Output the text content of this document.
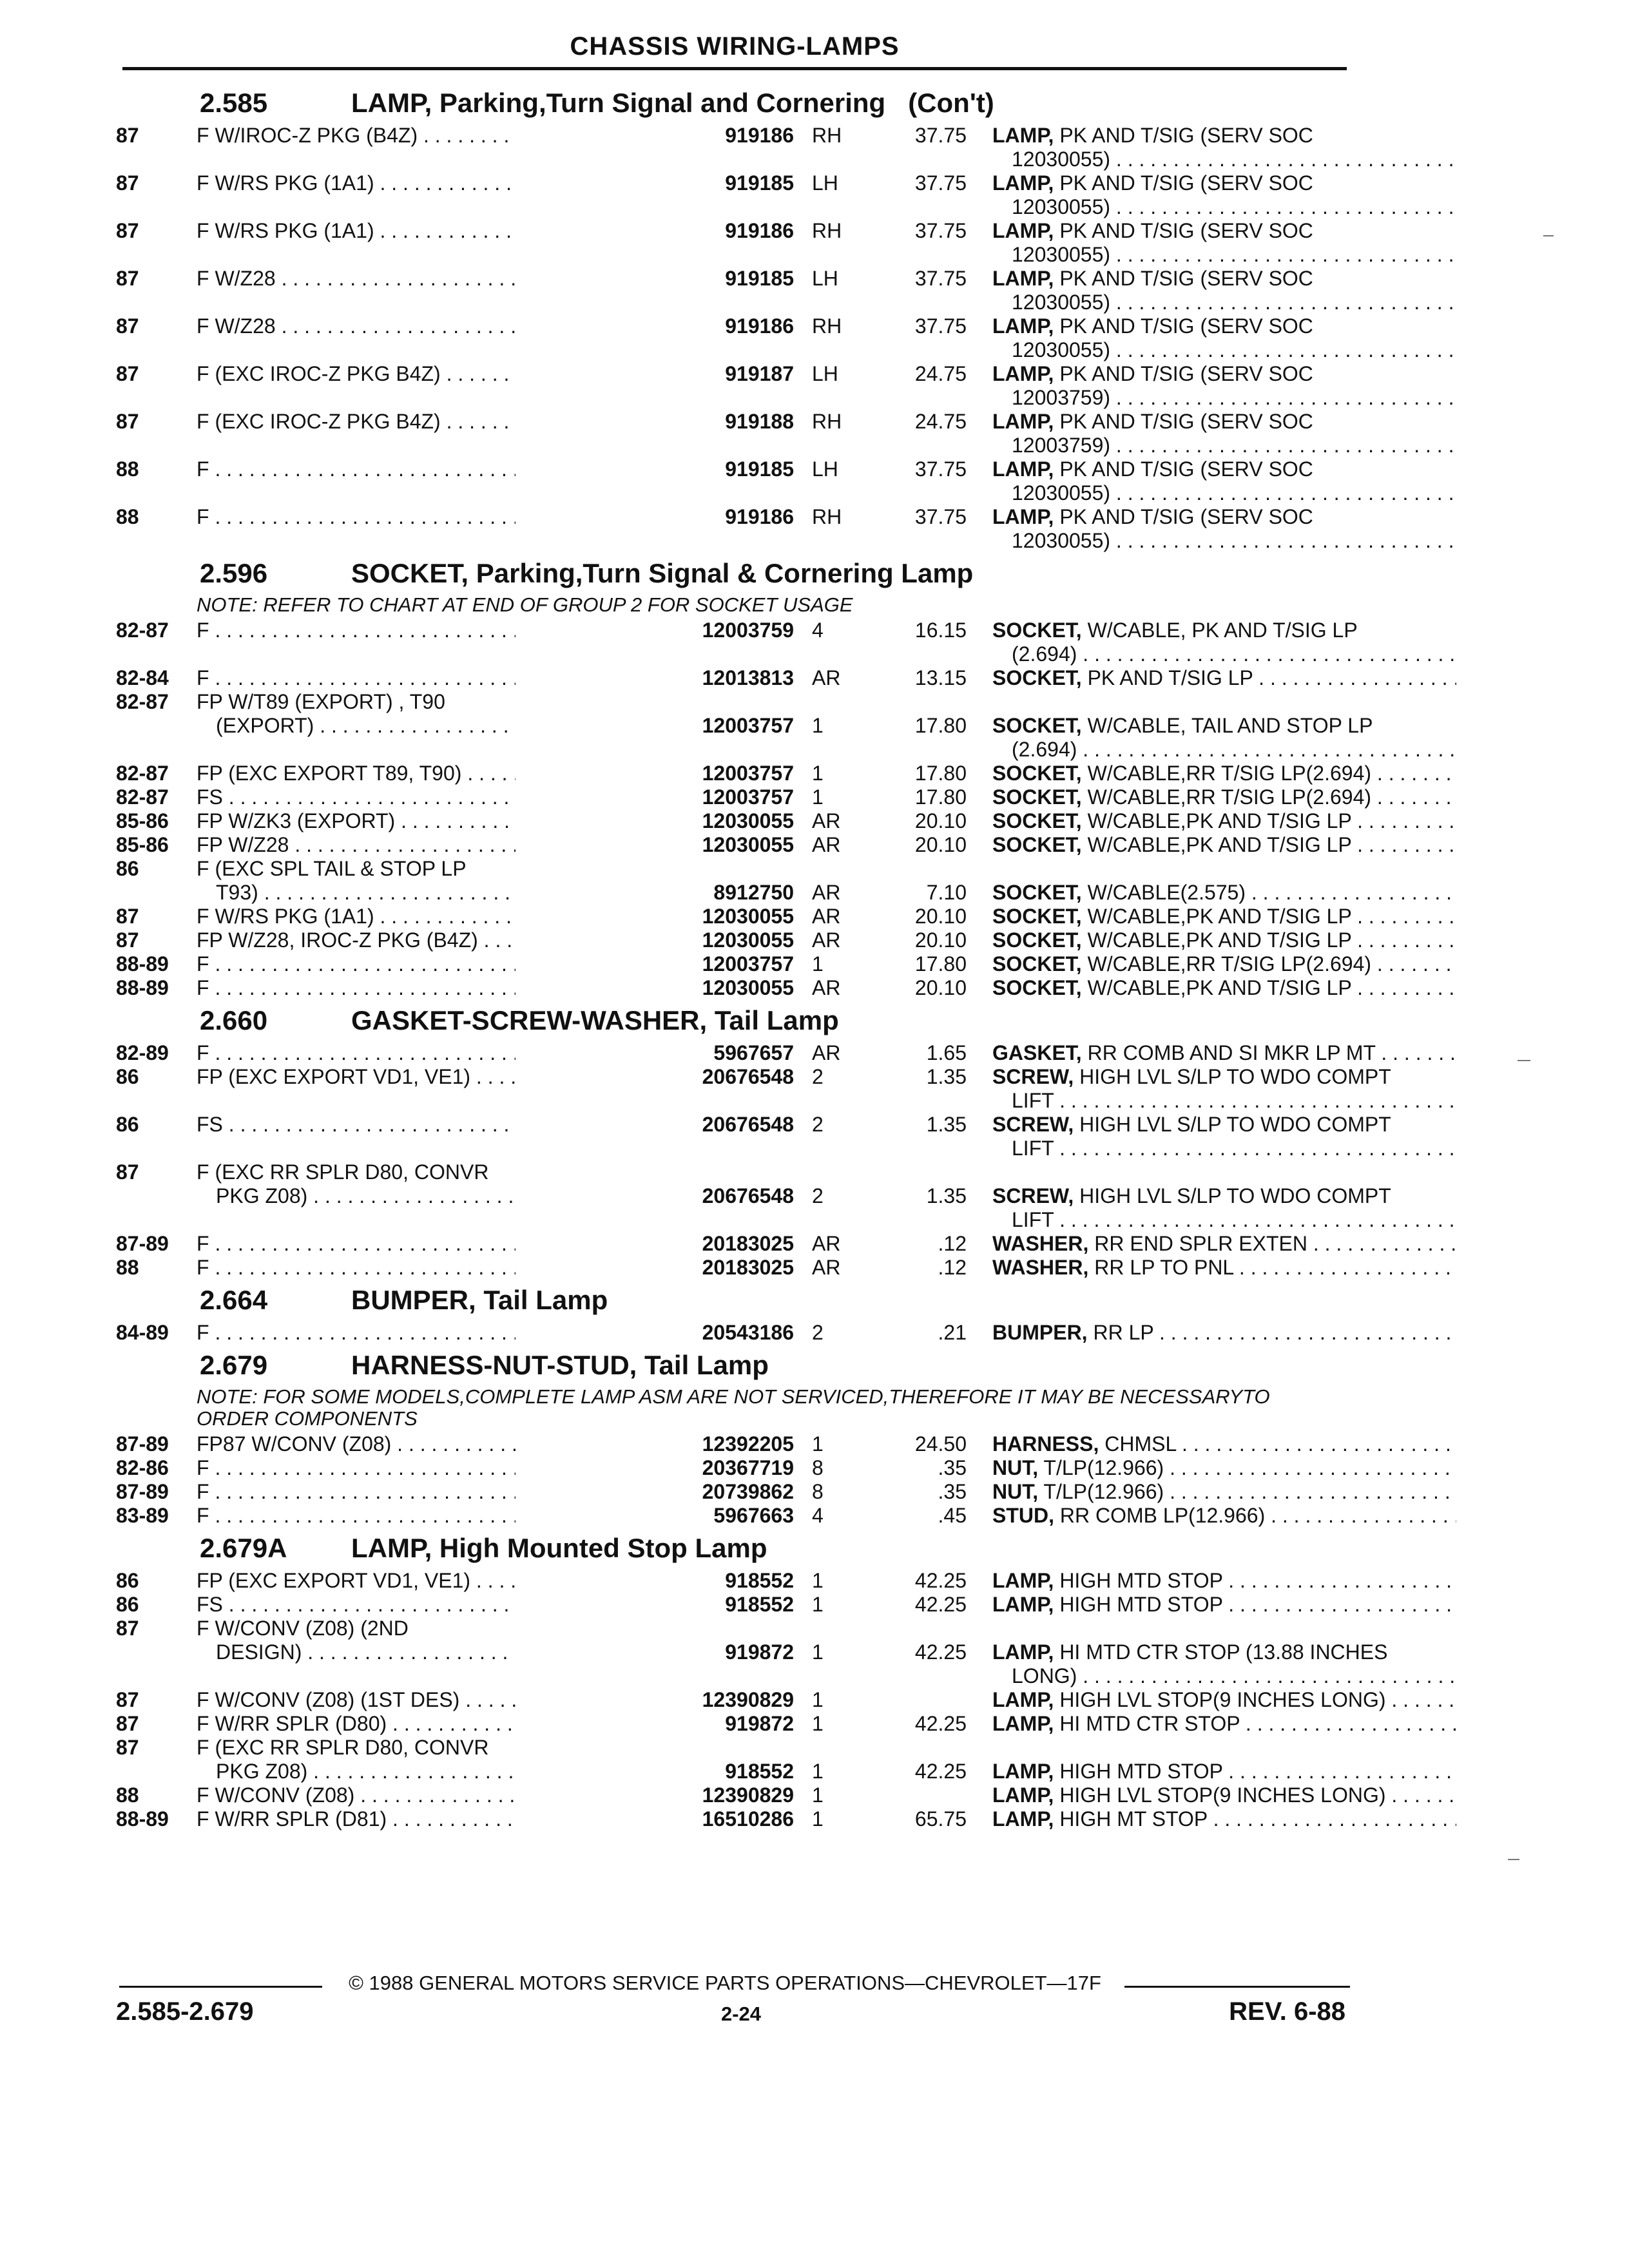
CHASSIS WIRING-LAMPS
2.585	LAMP, Parking,Turn Signal and Cornering   (Con't)
87	F W/IROC-Z PKG (B4Z) . . .	919186 RH	37.75 LAMP, PK AND T/SIG (SERV SOC
12030055) . . .
87	F W/RS PKG (1A1) . . .	919185 LH	37.75 LAMP, PK AND T/SIG (SERV SOC
12030055) . . .
87	F W/RS PKG (1A1) . . .	919186 RH	37.75 LAMP, PK AND T/SIG (SERV SOC
12030055) . . .
87	F W/Z28 . . .	919185 LH	37.75 LAMP, PK AND T/SIG (SERV SOC
12030055) . . .
87	F W/Z28 . . .	919186 RH	37.75 LAMP, PK AND T/SIG (SERV SOC
12030055) . . .
87	F (EXC IROC-Z PKG B4Z) . . .	919187 LH	24.75 LAMP, PK AND T/SIG (SERV SOC
12003759) . . .
87	F (EXC IROC-Z PKG B4Z) . . .	919188 RH	24.75 LAMP, PK AND T/SIG (SERV SOC
12003759) . . .
88	F . . .	919185 LH	37.75 LAMP, PK AND T/SIG (SERV SOC
12030055) . . .
88	F . . .	919186 RH	37.75 LAMP, PK AND T/SIG (SERV SOC
12030055) . . .
2.596	SOCKET, Parking,Turn Signal & Cornering Lamp
NOTE: REFER TO CHART AT END OF GROUP 2 FOR SOCKET USAGE
82-87 F . . .	12003759 4	16.15 SOCKET, W/CABLE, PK AND T/SIG LP
(2.694) . . .
82-84 F . . .	12013813 AR	13.15 SOCKET, PK AND T/SIG LP . . .
82-87 FP W/T89 (EXPORT) , T90
(EXPORT) . . .	12003757 1	17.80 SOCKET, W/CABLE, TAIL AND STOP LP
(2.694) . . .
82-87 FP (EXC EXPORT T89, T90) . . .	12003757 1	17.80 SOCKET, W/CABLE,RR T/SIG LP(2.694) . . .
82-87 FS . . .	12003757 1	17.80 SOCKET, W/CABLE,RR T/SIG LP(2.694) . . .
85-86 FP W/ZK3 (EXPORT) . . .	12030055 AR	20.10 SOCKET, W/CABLE,PK AND T/SIG LP . . .
85-86 FP W/Z28 . . .	12030055 AR	20.10 SOCKET, W/CABLE,PK AND T/SIG LP . . .
86	F (EXC SPL TAIL & STOP LP
T93) . . .	8912750 AR	7.10 SOCKET, W/CABLE(2.575) . . .
87	F W/RS PKG (1A1) . . .	12030055 AR	20.10 SOCKET, W/CABLE,PK AND T/SIG LP . . .
87	FP W/Z28, IROC-Z PKG (B4Z) . . .	12030055 AR	20.10 SOCKET, W/CABLE,PK AND T/SIG LP . . .
88-89 F . . .	12003757 1	17.80 SOCKET, W/CABLE,RR T/SIG LP(2.694) . . .
88-89 F . . .	12030055 AR	20.10 SOCKET, W/CABLE,PK AND T/SIG LP . . .
2.660	GASKET-SCREW-WASHER, Tail Lamp
82-89 F . . .	5967657 AR	1.65 GASKET, RR COMB AND SI MKR LP MT . . .
86	FP (EXC EXPORT VD1, VE1) . . .	20676548 2	1.35 SCREW, HIGH LVL S/LP TO WDO COMPT
LIFT . . .
86	FS . . .	20676548 2	1.35 SCREW, HIGH LVL S/LP TO WDO COMPT
LIFT . . .
87	F (EXC RR SPLR D80, CONVR
PKG Z08) . . .	20676548 2	1.35 SCREW, HIGH LVL S/LP TO WDO COMPT
LIFT . . .
87-89 F . . .	20183025 AR	.12 WASHER, RR END SPLR EXTEN . . .
88	F . . .	20183025 AR	.12 WASHER, RR LP TO PNL . . .
2.664	BUMPER, Tail Lamp
84-89 F . . .	20543186 2	.21 BUMPER, RR LP . . .
2.679	HARNESS-NUT-STUD, Tail Lamp
NOTE: FOR SOME MODELS,COMPLETE LAMP ASM ARE NOT SERVICED,THEREFORE IT MAY BE NECESSARYTO ORDER COMPONENTS
87-89 FP87 W/CONV (Z08) . . .	12392205 1	24.50 HARNESS, CHMSL . . .
82-86 F . . .	20367719 8	.35 NUT, T/LP(12.966) . . .
87-89 F . . .	20739862 8	.35 NUT, T/LP(12.966) . . .
83-89 F . . .	5967663 4	.45 STUD, RR COMB LP(12.966) . . .
2.679A LAMP, High Mounted Stop Lamp
86	FP (EXC EXPORT VD1, VE1) . . .	918552 1	42.25 LAMP, HIGH MTD STOP . . .
86	FS . . .	918552 1	42.25 LAMP, HIGH MTD STOP . . .
87	F W/CONV (Z08) (2ND
DESIGN) . . .	919872 1	42.25 LAMP, HI MTD CTR STOP (13.88 INCHES
LONG) . . .
87	F W/CONV (Z08) (1ST DES) . . .	12390829 1	LAMP, HIGH LVL STOP(9 INCHES LONG) . . .
87	F W/RR SPLR (D80) . . .	919872 1	42.25 LAMP, HI MTD CTR STOP . . .
87	F (EXC RR SPLR D80, CONVR
PKG Z08) . . .	918552 1	42.25 LAMP, HIGH MTD STOP . . .
88	F W/CONV (Z08) . . .	12390829 1	LAMP, HIGH LVL STOP(9 INCHES LONG) . . .
88-89 F W/RR SPLR (D81) . . .	16510286 1	65.75 LAMP, HIGH MT STOP . . .
© 1988 GENERAL MOTORS SERVICE PARTS OPERATIONS—CHEVROLET—17F
2.585-2.679	2-24	REV. 6-88
